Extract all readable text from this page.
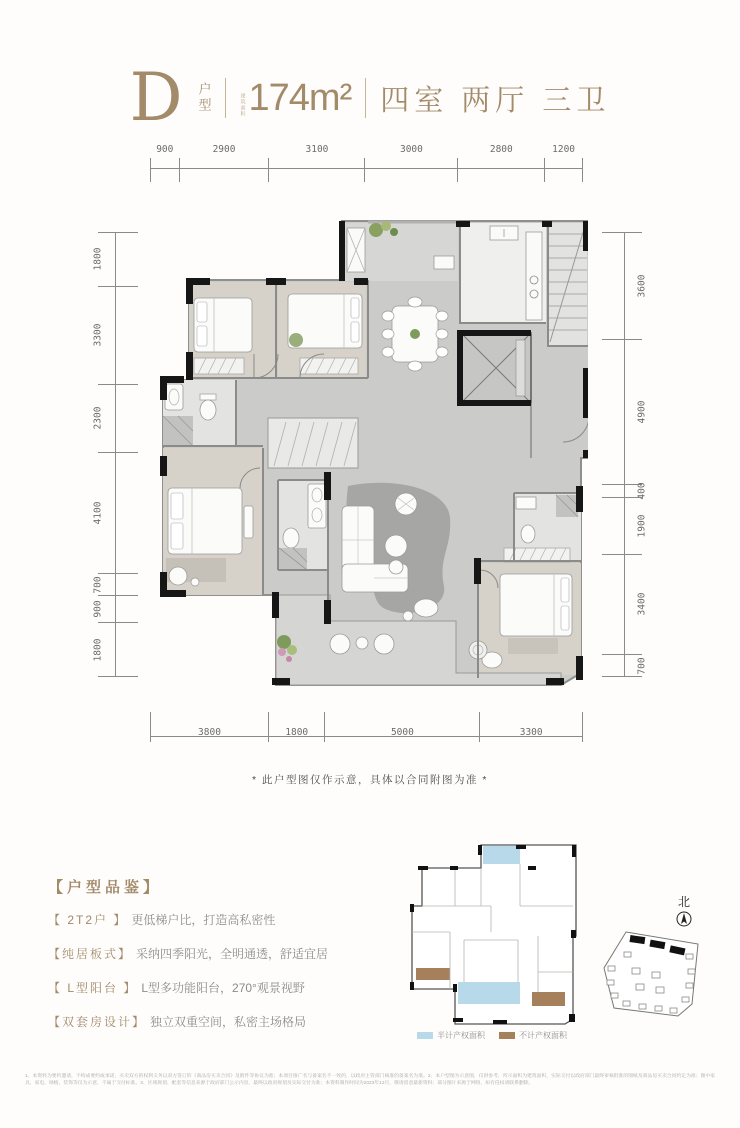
D 户型	建筑面积 174m² 四室 两厅 三卫
900	2900	3100	3000	2800	1200
3800	1800	5000	3300
1800
3300
2300
4100
700
900
1800
3600
4900
400
1900
3400
700
* 此户型图仅作示意，具体以合同附图为准 *
【户型品鉴】
【 2T2户 】 更低梯户比，打造高私密性
【纯居板式】 采纳四季阳光，全明通透，舒适宜居
【 L型阳台 】 L型多功能阳台，270°观景视野
【双套房设计】 独立双重空间，私密主场格局
半计产权面积	不计产权面积
北
1、本资料为要约邀请，不构成要约或承诺，买卖双方的权利义务以双方签订的《商品房买卖合同》及附件等协议为准；本项目推广名与备案名不一致的，以政府主管部门核准的备案名为准。2、本户型图为示意图，仅供参考，所示面积为建筑面积，实际交付以政府部门最终审核批准的图纸及商品房买卖合同约定为准；图中家具、家电、绿植、装饰等仅为示意，不属于交付标准。3、区域规划、配套等信息来源于政府部门公示内容，最终以政府规划及实际交付为准；本资料制作时间为2023年12月，敬请留意最新资料；部分图片来源于网络，如有侵权请联系删除。
